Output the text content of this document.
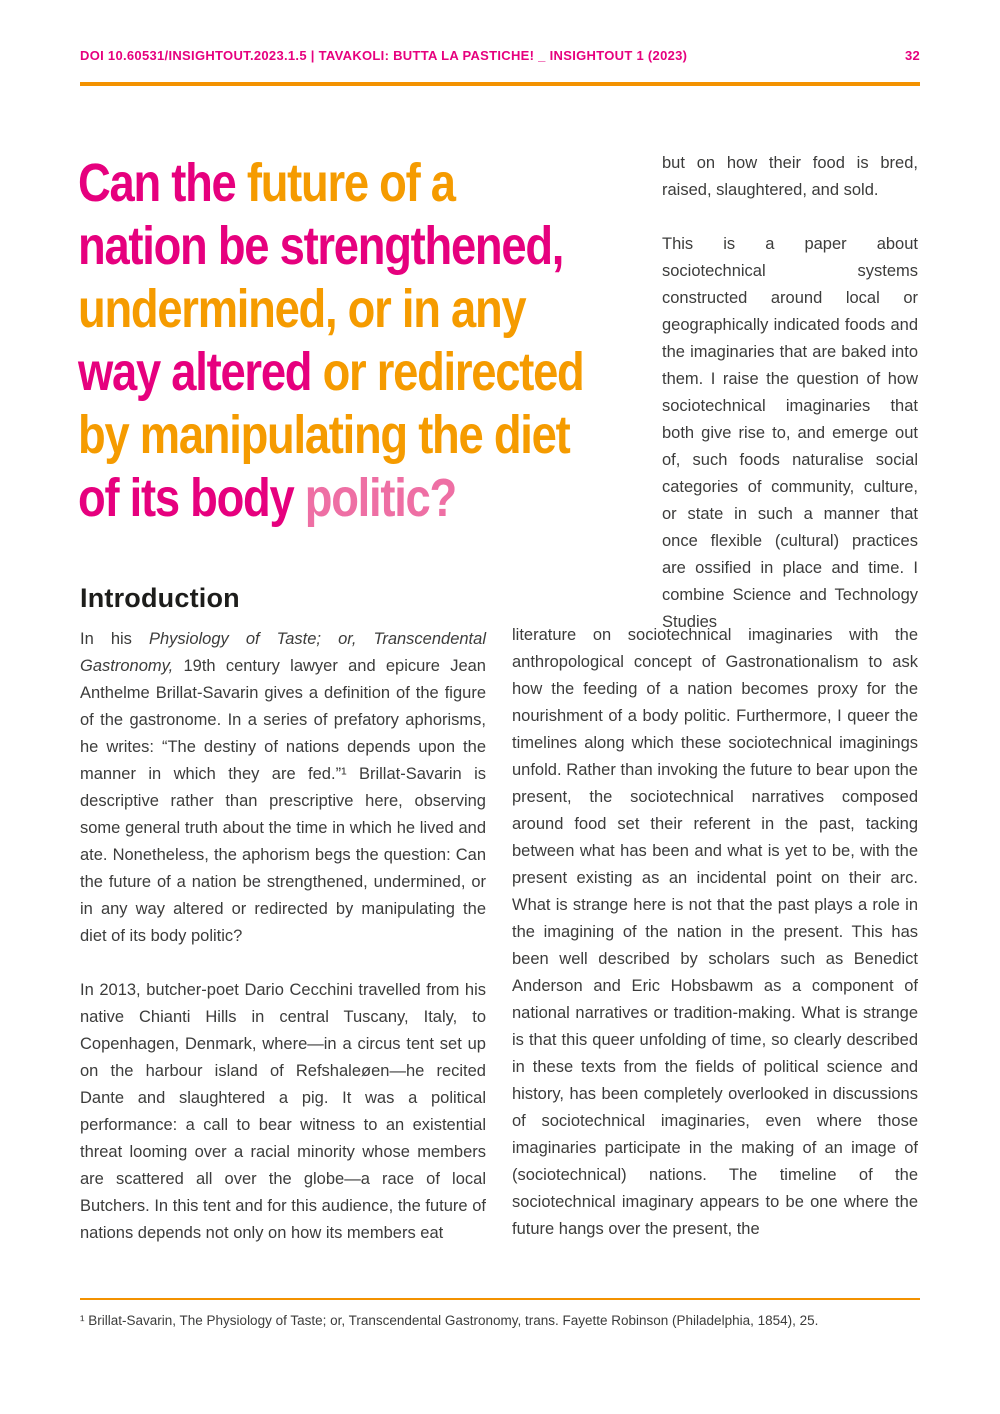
DOI 10.60531/INSIGHTOUT.2023.1.5 | TAVAKOLI: BUTTA LA PASTICHE! _ INSIGHTOUT 1 (2023)	32
Can the future of a
nation be strengthened,
undermined, or in any
way altered or redirected
by manipulating the diet
of its body politic?

but on how their food is bred, raised, slaughtered, and sold.

This is a paper about sociotechnical systems constructed around local or geographically indicated foods and the imaginaries that are baked into them. I raise the question of how sociotechnical imaginaries that both give rise to, and emerge out of, such foods naturalise social categories of community, culture, or state in such a manner that once flexible (cultural) practices are ossified in place and time. I combine Science and Technology Studies

Introduction

In his Physiology of Taste; or, Transcendental Gastronomy, 19th century lawyer and epicure Jean Anthelme Brillat-Savarin gives a definition of the figure of the gastronome. In a series of prefatory aphorisms, he writes: “The destiny of nations depends upon the manner in which they are fed.”¹ Brillat-Savarin is descriptive rather than prescriptive here, observing some general truth about the time in which he lived and ate. Nonetheless, the aphorism begs the question: Can the future of a nation be strengthened, undermined, or in any way altered or redirected by manipulating the diet of its body politic?

In 2013, butcher-poet Dario Cecchini travelled from his native Chianti Hills in central Tuscany, Italy, to Copenhagen, Denmark, where—in a circus tent set up on the harbour island of Refshaleøen—he recited Dante and slaughtered a pig. It was a political performance: a call to bear witness to an existential threat looming over a racial minority whose members are scattered all over the globe—a race of local Butchers. In this tent and for this audience, the future of nations depends not only on how its members eat

literature on sociotechnical imaginaries with the anthropological concept of Gastronationalism to ask how the feeding of a nation becomes proxy for the nourishment of a body politic. Furthermore, I queer the timelines along which these sociotechnical imaginings unfold. Rather than invoking the future to bear upon the present, the sociotechnical narratives composed around food set their referent in the past, tacking between what has been and what is yet to be, with the present existing as an incidental point on their arc. What is strange here is not that the past plays a role in the imagining of the nation in the present. This has been well described by scholars such as Benedict Anderson and Eric Hobsbawm as a component of national narratives or tradition-making. What is strange is that this queer unfolding of time, so clearly described in these texts from the fields of political science and history, has been completely overlooked in discussions of sociotechnical imaginaries, even where those imaginaries participate in the making of an image of (sociotechnical) nations. The timeline of the sociotechnical imaginary appears to be one where the future hangs over the present, the

¹ Brillat-Savarin, The Physiology of Taste; or, Transcendental Gastronomy, trans. Fayette Robinson (Philadelphia, 1854), 25.
